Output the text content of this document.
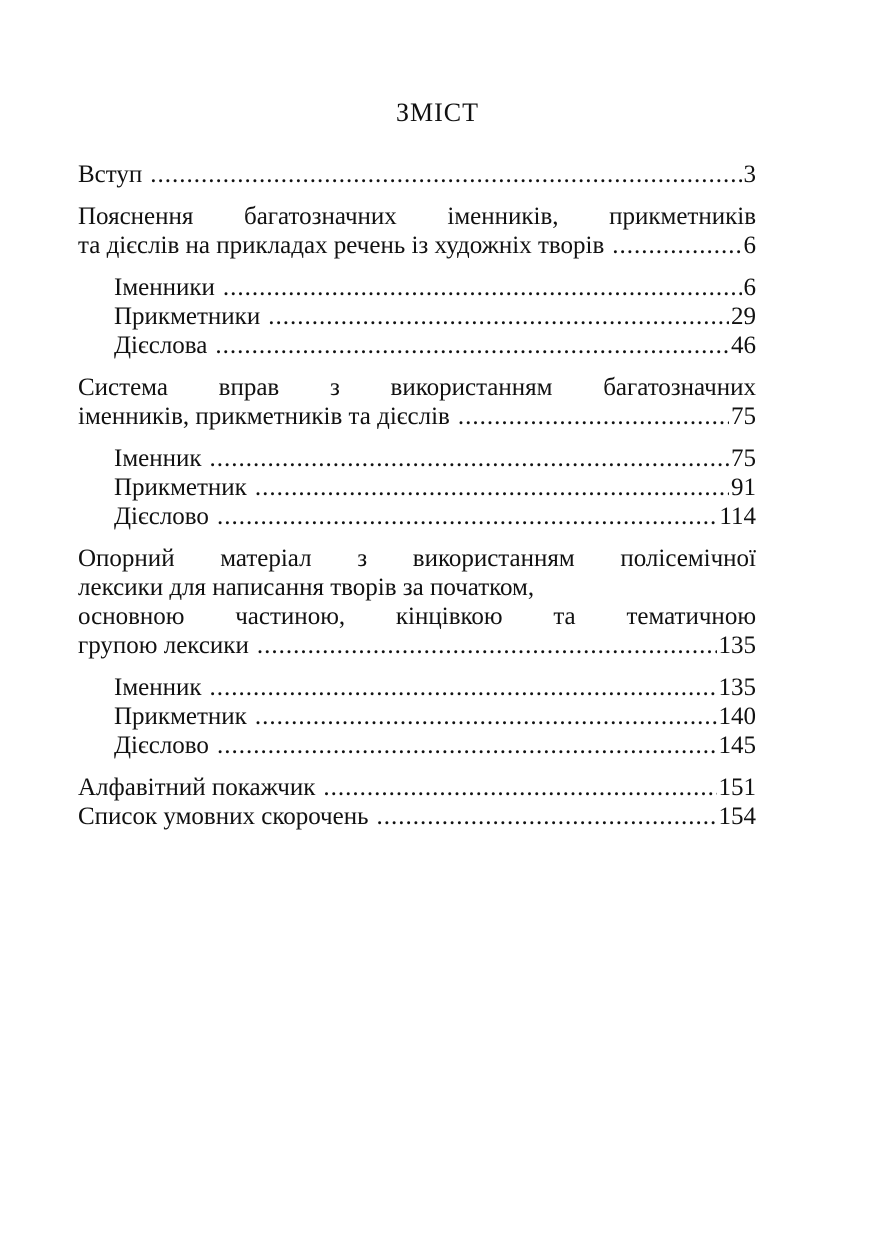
ЗМІСТ
Вступ .....	3
Пояснення багатозначних іменників, прикметників
та дієслів на прикладах речень із художніх творів .....	6
Іменники .....	6
Прикметники .....	29
Дієслова .....	46
Система вправ з використанням багатозначних
іменників, прикметників та дієслів .....	75
Іменник .....	75
Прикметник .....	91
Дієслово .....	114
Опорний матеріал з використанням полісемічної
лексики для написання творів за початком,
основною частиною, кінцівкою та тематичною
групою лексики .....	135
Іменник .....	135
Прикметник .....	140
Дієслово .....	145
Алфавітний покажчик .....	151
Список умовних скорочень .....	154
